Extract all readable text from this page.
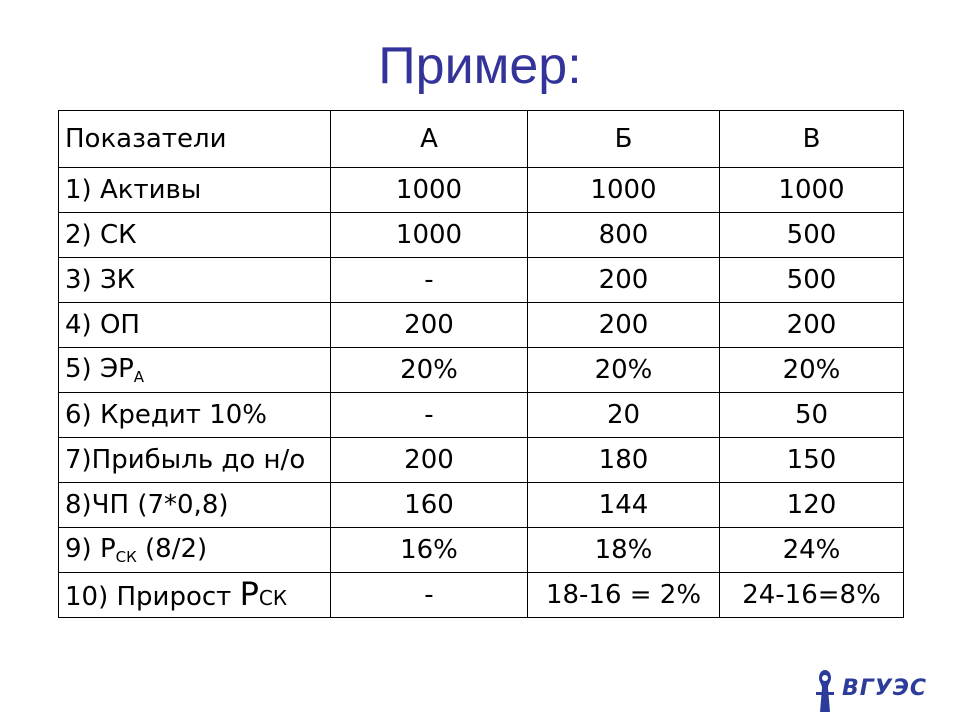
Пример:
Показатели	А	Б	В
1) Активы	1000	1000	1000
2) СК	1000	800	500
3) ЗК	-	200	500
4) ОП	200	200	200
5) $ЭР_А$	20%	20%	20%
6) Кредит 10%	-	20	50
7)Прибыль до н/о	200	180	150
8)ЧП (7*0,8)	160	144	120
9) $Р_{СК}$ (8/2)	16%	18%	24%
10) Прирост РСК	-	18-16 = 2%	24-16=8%
ВГУЭС
